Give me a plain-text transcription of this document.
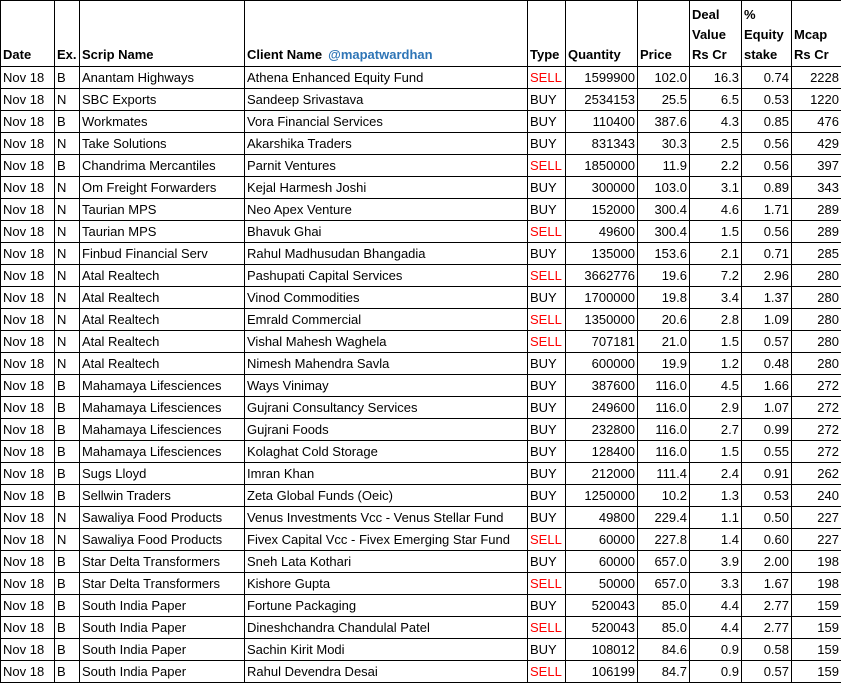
Date	Ex.	Scrip Name	Client Name @mapatwardhan	Type	Quantity	Price	Deal Value Rs Cr	% Equity stake	Mcap Rs Cr
Nov 18	B	Anantam Highways	Athena Enhanced Equity Fund	SELL	1599900	102.0	16.3	0.74	2228
Nov 18	N	SBC Exports	Sandeep Srivastava	BUY	2534153	25.5	6.5	0.53	1220
Nov 18	B	Workmates	Vora Financial Services	BUY	110400	387.6	4.3	0.85	476
Nov 18	N	Take Solutions	Akarshika Traders	BUY	831343	30.3	2.5	0.56	429
Nov 18	B	Chandrima Mercantiles	Parnit Ventures	SELL	1850000	11.9	2.2	0.56	397
Nov 18	N	Om Freight Forwarders	Kejal Harmesh Joshi	BUY	300000	103.0	3.1	0.89	343
Nov 18	N	Taurian MPS	Neo Apex Venture	BUY	152000	300.4	4.6	1.71	289
Nov 18	N	Taurian MPS	Bhavuk Ghai	SELL	49600	300.4	1.5	0.56	289
Nov 18	N	Finbud Financial Serv	Rahul Madhusudan Bhangadia	BUY	135000	153.6	2.1	0.71	285
Nov 18	N	Atal Realtech	Pashupati Capital Services	SELL	3662776	19.6	7.2	2.96	280
Nov 18	N	Atal Realtech	Vinod Commodities	BUY	1700000	19.8	3.4	1.37	280
Nov 18	N	Atal Realtech	Emrald Commercial	SELL	1350000	20.6	2.8	1.09	280
Nov 18	N	Atal Realtech	Vishal Mahesh Waghela	SELL	707181	21.0	1.5	0.57	280
Nov 18	N	Atal Realtech	Nimesh Mahendra Savla	BUY	600000	19.9	1.2	0.48	280
Nov 18	B	Mahamaya Lifesciences	Ways Vinimay	BUY	387600	116.0	4.5	1.66	272
Nov 18	B	Mahamaya Lifesciences	Gujrani Consultancy Services	BUY	249600	116.0	2.9	1.07	272
Nov 18	B	Mahamaya Lifesciences	Gujrani Foods	BUY	232800	116.0	2.7	0.99	272
Nov 18	B	Mahamaya Lifesciences	Kolaghat Cold Storage	BUY	128400	116.0	1.5	0.55	272
Nov 18	B	Sugs Lloyd	Imran Khan	BUY	212000	111.4	2.4	0.91	262
Nov 18	B	Sellwin Traders	Zeta Global Funds (Oeic)	BUY	1250000	10.2	1.3	0.53	240
Nov 18	N	Sawaliya Food Products	Venus Investments Vcc - Venus Stellar Fund	BUY	49800	229.4	1.1	0.50	227
Nov 18	N	Sawaliya Food Products	Fivex Capital Vcc - Fivex Emerging Star Fund	SELL	60000	227.8	1.4	0.60	227
Nov 18	B	Star Delta Transformers	Sneh Lata Kothari	BUY	60000	657.0	3.9	2.00	198
Nov 18	B	Star Delta Transformers	Kishore Gupta	SELL	50000	657.0	3.3	1.67	198
Nov 18	B	South India Paper	Fortune Packaging	BUY	520043	85.0	4.4	2.77	159
Nov 18	B	South India Paper	Dineshchandra Chandulal Patel	SELL	520043	85.0	4.4	2.77	159
Nov 18	B	South India Paper	Sachin Kirit Modi	BUY	108012	84.6	0.9	0.58	159
Nov 18	B	South India Paper	Rahul Devendra Desai	SELL	106199	84.7	0.9	0.57	159
